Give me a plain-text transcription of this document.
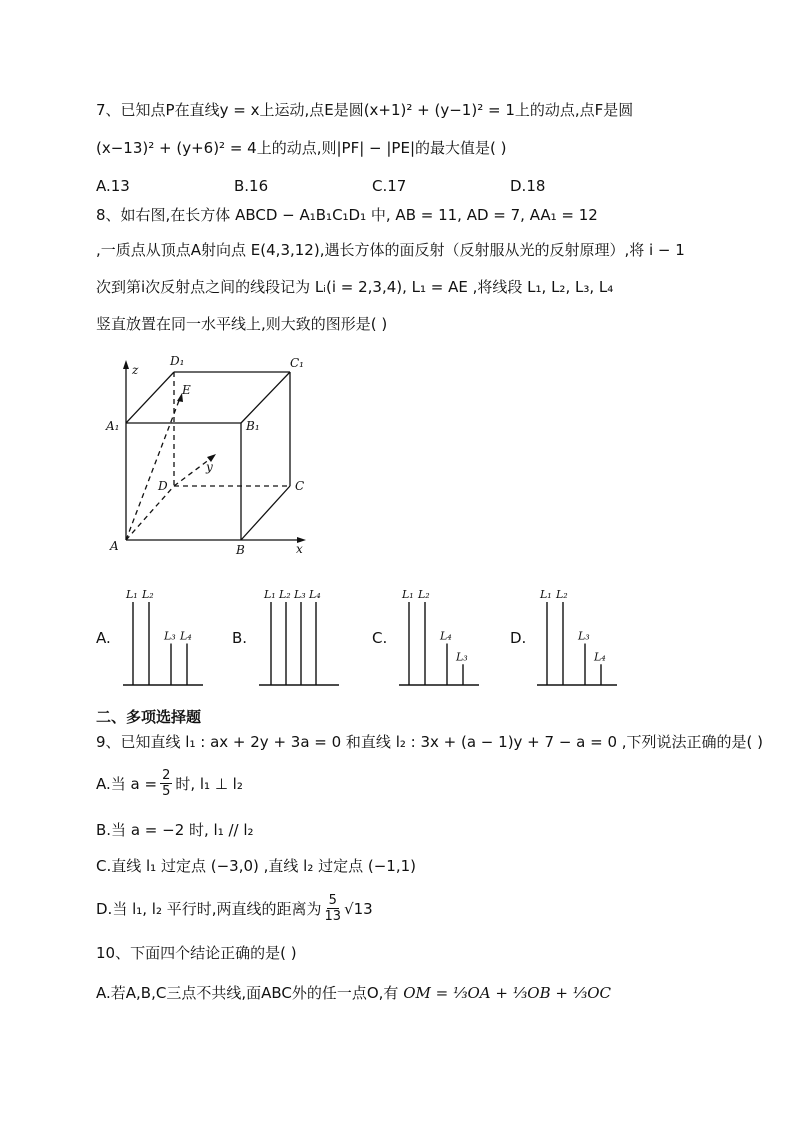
7、已知点P在直线y = x上运动,点E是圆(x+1)² + (y−1)² = 1上的动点,点F是圆
(x−13)² + (y+6)² = 4上的动点,则|PF| − |PE|的最大值是( )
A.13	B.16	C.17	D.18
8、如右图,在长方体 ABCD − A₁B₁C₁D₁ 中, AB = 11, AD = 7, AA₁ = 12
,一质点从顶点A射向点 E(4,3,12),遇长方体的面反射（反射服从光的反射原理）,将 i − 1
次到第i次反射点之间的线段记为 Lᵢ(i = 2,3,4), L₁ = AE ,将线段 L₁, L₂, L₃, L₄
竖直放置在同一水平线上,则大致的图形是( )
z
y
x
A	B
C
D
A₁	B₁
C₁
D₁
E
A.
L₁ L₂
L₃ L₄	B.
L₁ L₂ L₃ L₄
C.
L₁ L₂
L₄
L₃
D.
L₁ L₂
L₃
L₄
二、多项选择题
9、已知直线 l₁ : ax + 2y + 3a = 0 和直线 l₂ : 3x + (a − 1)y + 7 − a = 0 ,下列说法正确的是( )
A.当 $a = \frac{2}{5}$ 时, l₁ ⊥ l₂
B.当 a = −2 时, l₁ // l₂
C.直线 l₁ 过定点 (−3,0) ,直线 l₂ 过定点 (−1,1)
D.当 l₁, l₂ 平行时,两直线的距离为 $\frac{5}{13} √13$
10、下面四个结论正确的是( )
A.若A,B,C三点不共线,面ABC外的任一点O,有 OM = ⅓OA + ⅓OB + ⅓OC
